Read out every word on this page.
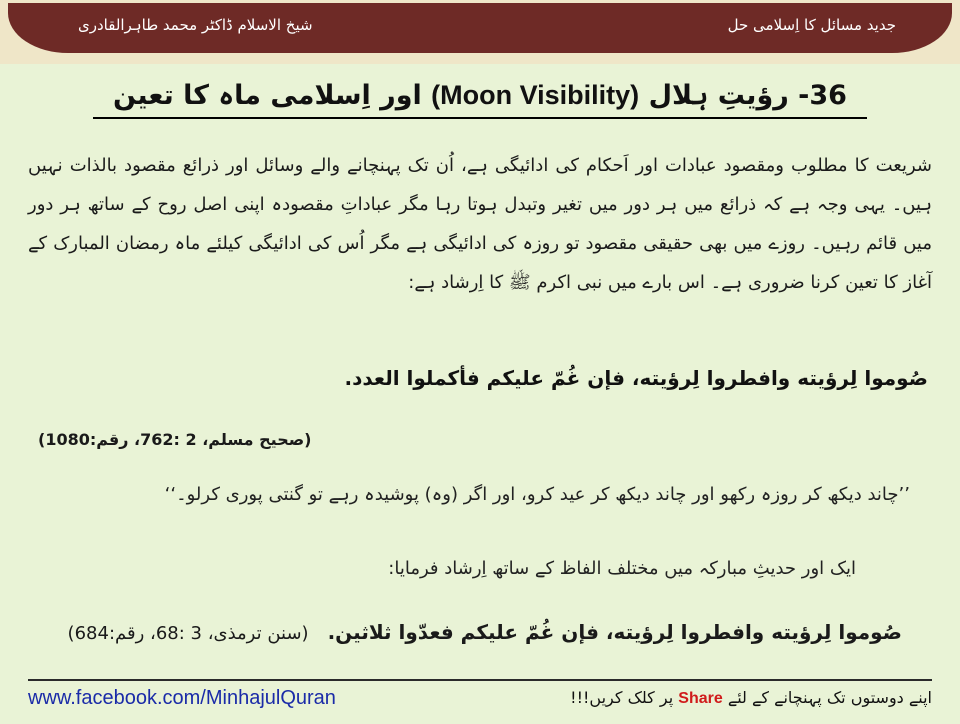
جدید مسائل کا اِسلامی حل
شیخ الاسلام ڈاکٹر محمد طاہرالقادری
36- رؤیتِ ہلال (Moon Visibility) اور اِسلامی ماہ کا تعین
شریعت کا مطلوب ومقصود عبادات اور اَحکام کی ادائیگی ہے، اُن تک پہنچانے والے وسائل اور ذرائع مقصود بالذات نہیں ہیں۔ یہی وجہ ہے کہ ذرائع میں ہر دور میں تغیر وتبدل ہوتا رہا مگر عباداتِ مقصودہ اپنی اصل روح کے ساتھ ہر دور میں قائم رہیں۔ روزے میں بھی حقیقی مقصود تو روزہ کی ادائیگی ہے مگر اُس کی ادائیگی کیلئے ماہ رمضان المبارک کے آغاز کا تعین کرنا ضروری ہے۔ اس بارے میں نبی اکرم ﷺ کا اِرشاد ہے:
صُوموا لِرؤيته وافطروا لِرؤيته، فإن غُمّ عليكم فأكملوا العدد.
(صحيح مسلم، 2 :762، رقم:1080)
’’چاند دیکھ کر روزہ رکھو اور چاند دیکھ کر عید کرو، اور اگر (وہ) پوشیدہ رہے تو گنتی پوری کرلو۔‘‘
ایک اور حدیثِ مبارکہ میں مختلف الفاظ کے ساتھ اِرشاد فرمایا:
صُوموا لِرؤيته وافطروا لِرؤيته، فإن غُمّ عليكم فعدّوا ثلاثين. (سنن ترمذی، 3 :68، رقم:684)
www.facebook.com/MinhajulQuran	اپنے دوستوں تک پہنچانے کے لئے Share پر کلک کریں!!!
